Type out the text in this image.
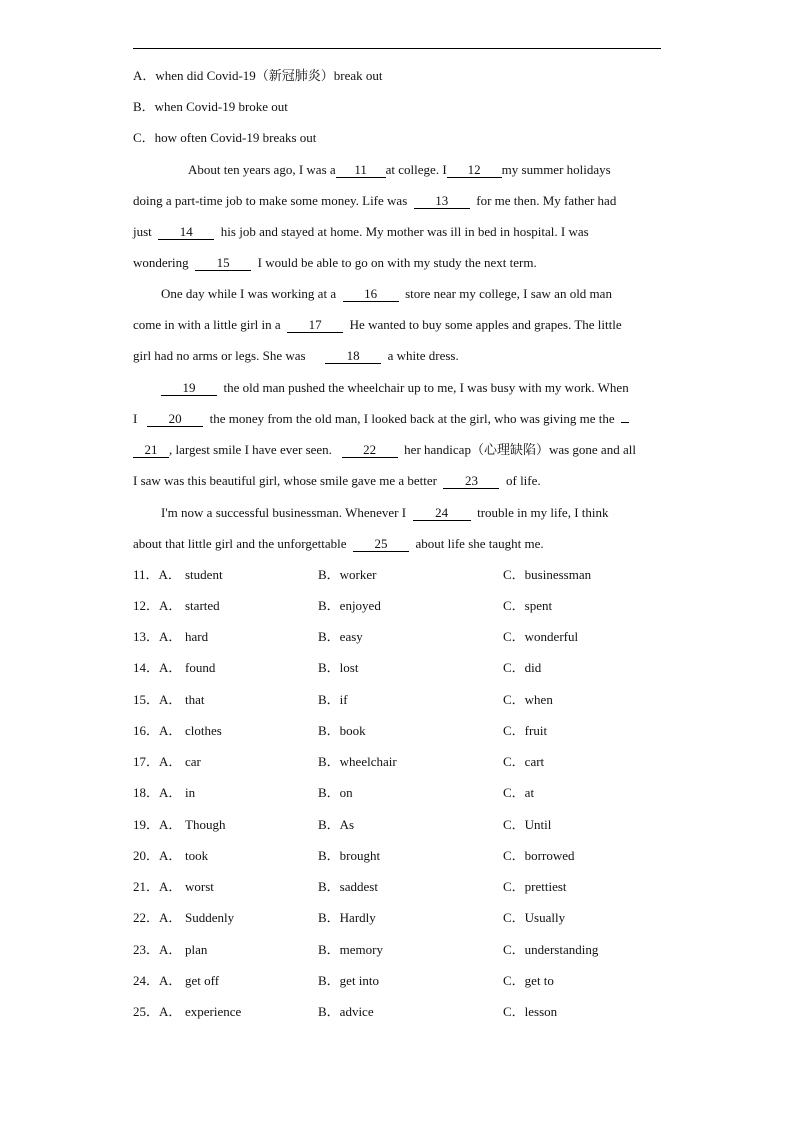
A．when did Covid-19（新冠肺炎）break out
B．when Covid-19 broke out
C．how often Covid-19 breaks out
About ten years ago, I was a 11 at college. I 12 my summer holidays
doing a part-time job to make some money. Life was 13 for me then. My father had
just 14 his job and stayed at home. My mother was ill in bed in hospital. I was
wondering 15 I would be able to go on with my study the next term.
One day while I was working at a 16 store near my college, I saw an old man
come in with a little girl in a 17 He wanted to buy some apples and grapes. The little
girl had no arms or legs. She was	18 a white dress.
19 the old man pushed the wheelchair up to me, I was busy with my work. When
I 20 the money from the old man, I looked back at the girl, who was giving me the
21 , largest smile I have ever seen. 22 her handicap（心理缺陷）was gone and all
I saw was this beautiful girl, whose smile gave me a better 23 of life.
I'm now a successful businessman. Whenever I 24 trouble in my life, I think
about that little girl and the unforgettable 25 about life she taught me.
11．A． student	B．worker	C．businessman
12．A． started	B．enjoyed	C．spent
13．A． hard	B．easy	C．wonderful
14．A． found	B．lost	C．did
15．A． that	B．if	C．when
16．A． clothes	B．book	C．fruit
17．A． car	B．wheelchair	C．cart
18．A． in	B．on	C．at
19．A． Though	B．As	C．Until
20．A． took	B．brought	C．borrowed
21．A． worst	B．saddest	C．prettiest
22．A． Suddenly	B．Hardly	C．Usually
23．A． plan	B．memory	C．understanding
24．A． get off	B．get into	C．get to
25．A． experience	B．advice	C．lesson
